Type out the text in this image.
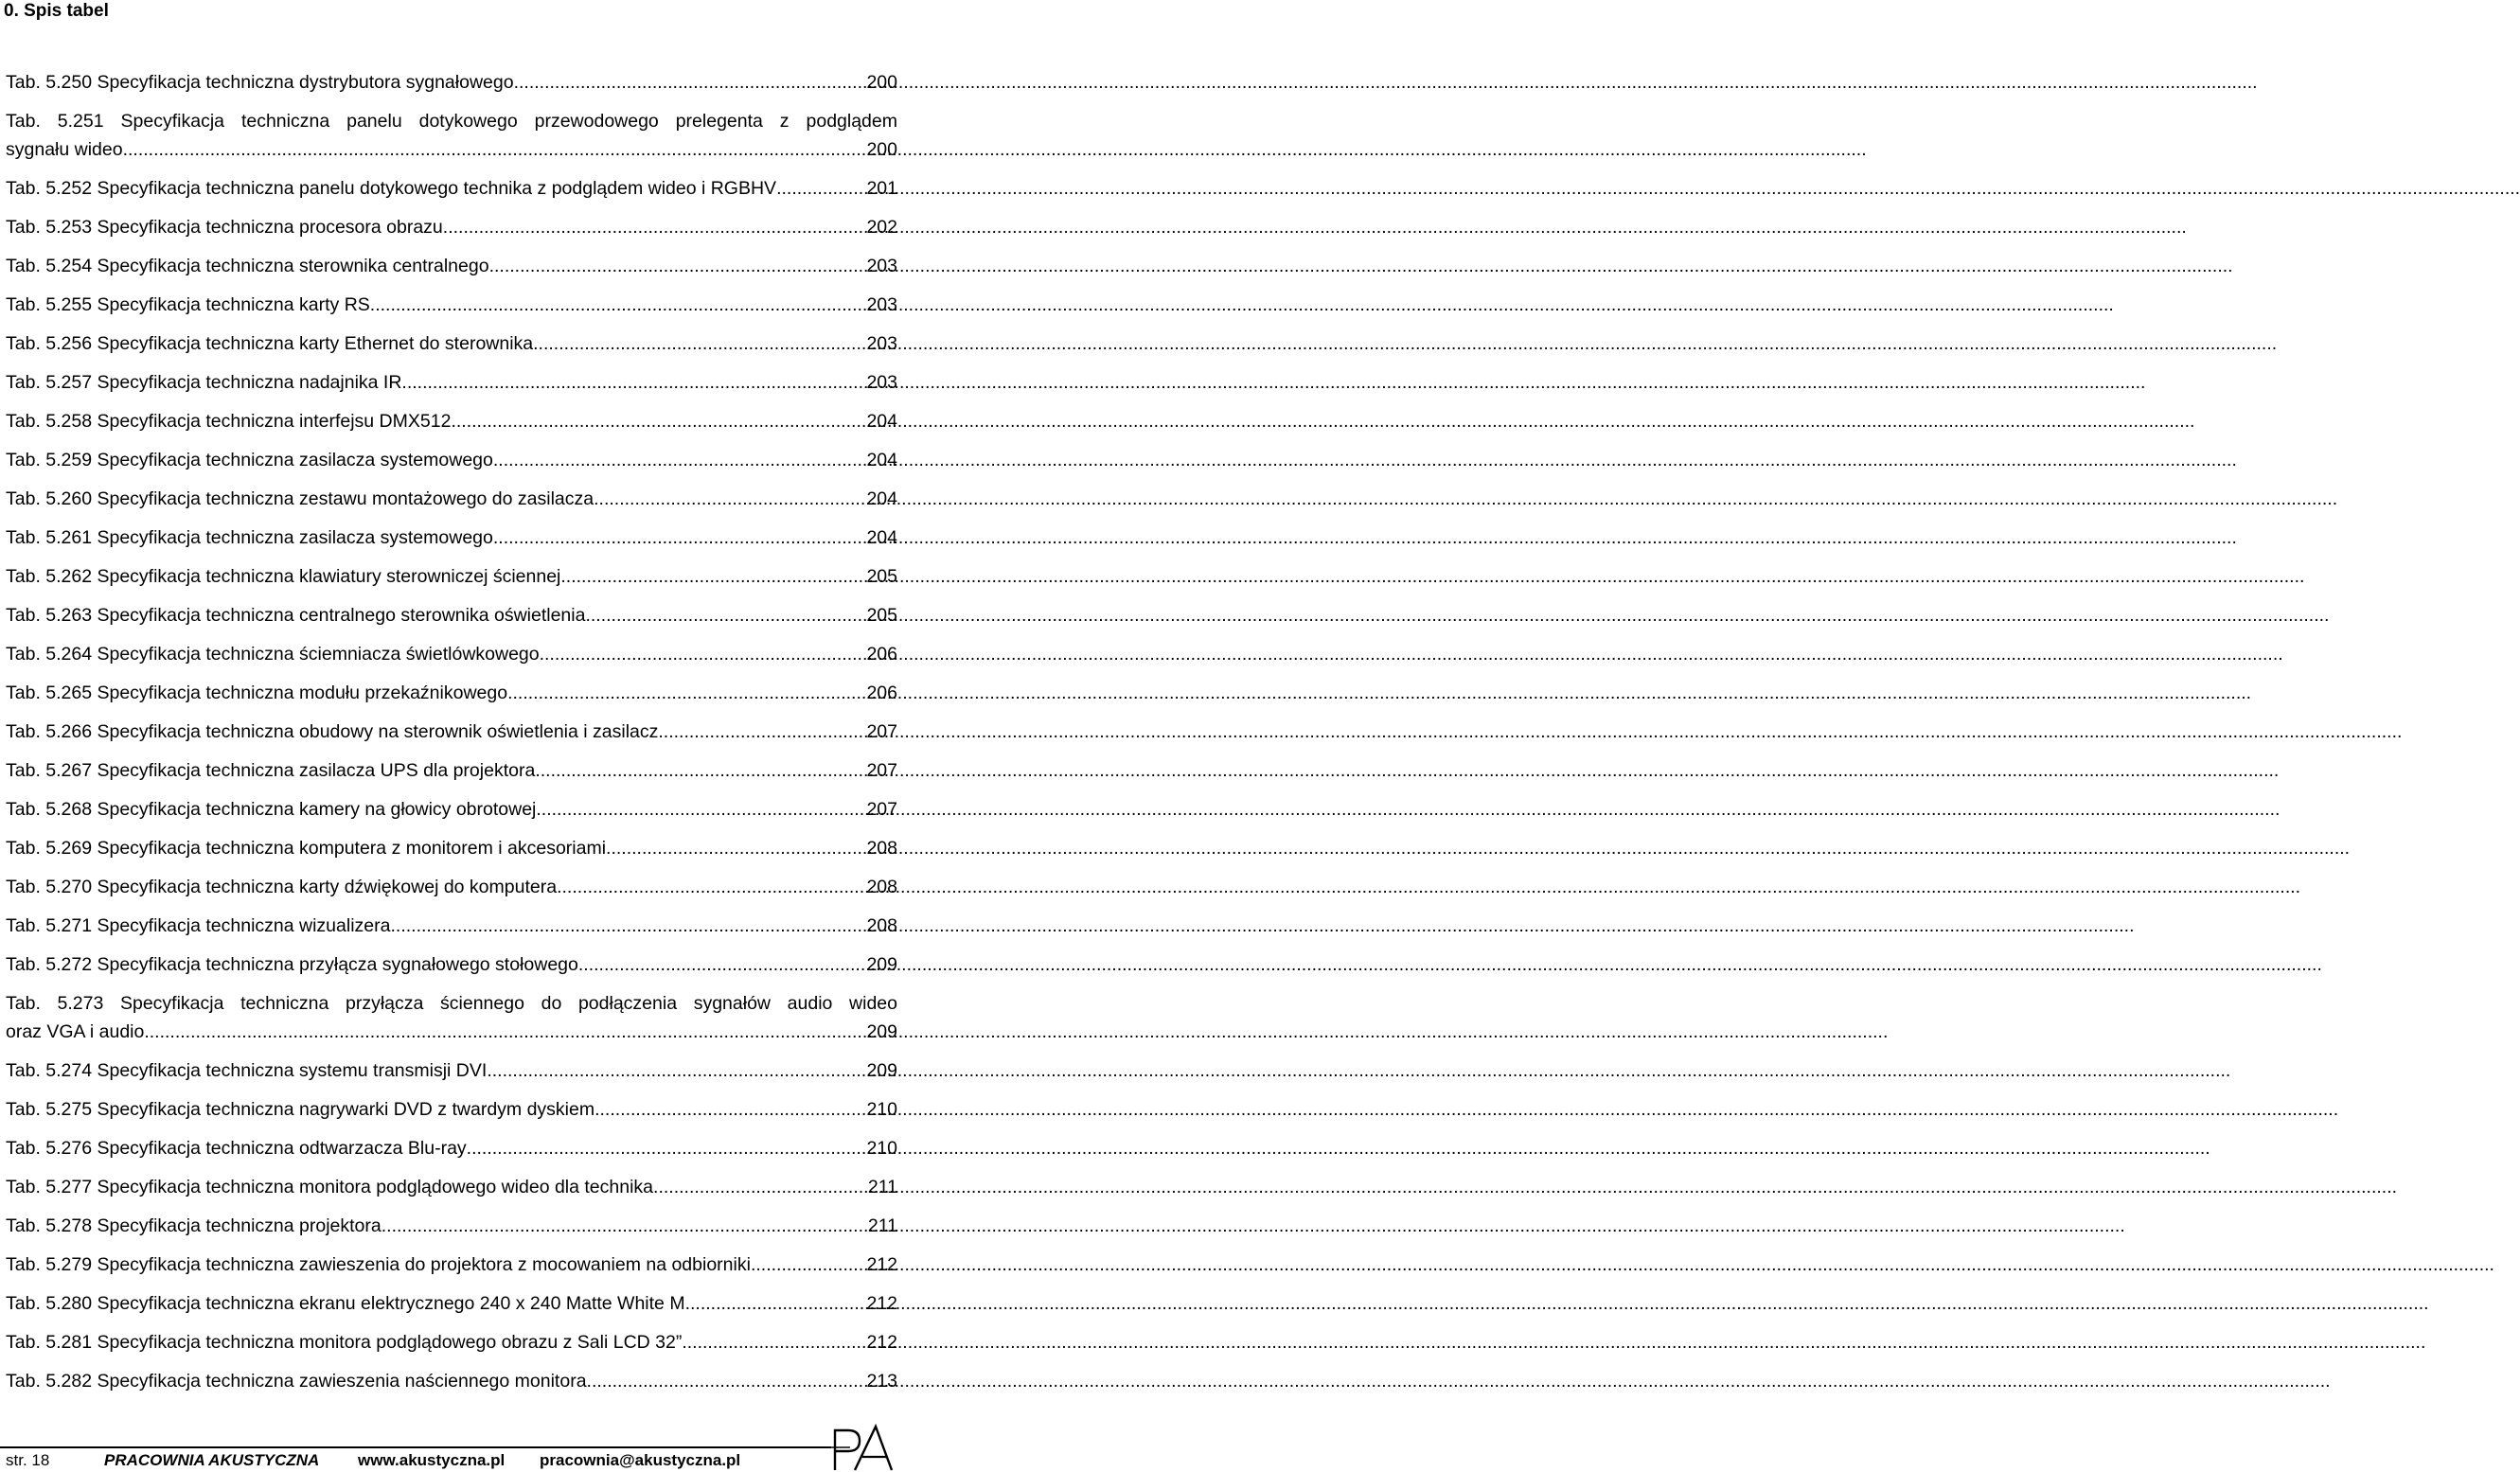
0. Spis tabel
Tab. 5.250 Specyfikacja techniczna dystrybutora sygnałowego .....	200
Tab. 5.251 Specyfikacja techniczna panelu dotykowego przewodowego prelegenta z podglądem
sygnału wideo .....	200
Tab. 5.252 Specyfikacja techniczna panelu dotykowego technika z podglądem wideo i RGBHV .....	201
Tab. 5.253 Specyfikacja techniczna procesora obrazu .....	202
Tab. 5.254 Specyfikacja techniczna sterownika centralnego .....	203
Tab. 5.255 Specyfikacja techniczna karty RS .....	203
Tab. 5.256 Specyfikacja techniczna karty Ethernet do sterownika .....	203
Tab. 5.257 Specyfikacja techniczna nadajnika IR .....	203
Tab. 5.258 Specyfikacja techniczna interfejsu DMX512 .....	204
Tab. 5.259 Specyfikacja techniczna zasilacza systemowego .....	204
Tab. 5.260 Specyfikacja techniczna zestawu montażowego do zasilacza .....	204
Tab. 5.261 Specyfikacja techniczna zasilacza systemowego .....	204
Tab. 5.262 Specyfikacja techniczna klawiatury sterowniczej ściennej .....	205
Tab. 5.263 Specyfikacja techniczna centralnego sterownika oświetlenia .....	205
Tab. 5.264 Specyfikacja techniczna ściemniacza świetlówkowego .....	206
Tab. 5.265 Specyfikacja techniczna modułu przekaźnikowego .....	206
Tab. 5.266 Specyfikacja techniczna obudowy na sterownik oświetlenia i zasilacz .....	207
Tab. 5.267 Specyfikacja techniczna zasilacza UPS dla projektora .....	207
Tab. 5.268 Specyfikacja techniczna kamery na głowicy obrotowej .....	207
Tab. 5.269 Specyfikacja techniczna komputera z monitorem i akcesoriami .....	208
Tab. 5.270 Specyfikacja techniczna karty dźwiękowej do komputera .....	208
Tab. 5.271 Specyfikacja techniczna wizualizera .....	208
Tab. 5.272 Specyfikacja techniczna przyłącza sygnałowego stołowego .....	209
Tab. 5.273 Specyfikacja techniczna przyłącza ściennego do podłączenia sygnałów audio wideo
oraz VGA i audio .....	209
Tab. 5.274 Specyfikacja techniczna systemu transmisji DVI .....	209
Tab. 5.275 Specyfikacja techniczna nagrywarki DVD z twardym dyskiem .....	210
Tab. 5.276 Specyfikacja techniczna odtwarzacza Blu-ray .....	210
Tab. 5.277 Specyfikacja techniczna monitora podglądowego wideo dla technika .....	211
Tab. 5.278 Specyfikacja techniczna projektora .....	211
Tab. 5.279 Specyfikacja techniczna zawieszenia do projektora z mocowaniem na odbiorniki .....	212
Tab. 5.280 Specyfikacja techniczna ekranu elektrycznego 240 x 240 Matte White M .....	212
Tab. 5.281 Specyfikacja techniczna monitora podglądowego obrazu z Sali LCD 32” .....	212
Tab. 5.282 Specyfikacja techniczna zawieszenia naściennego monitora .....	213
str. 18	PRACOWNIA AKUSTYCZNA www.akustyczna.pl pracownia@akustyczna.pl
